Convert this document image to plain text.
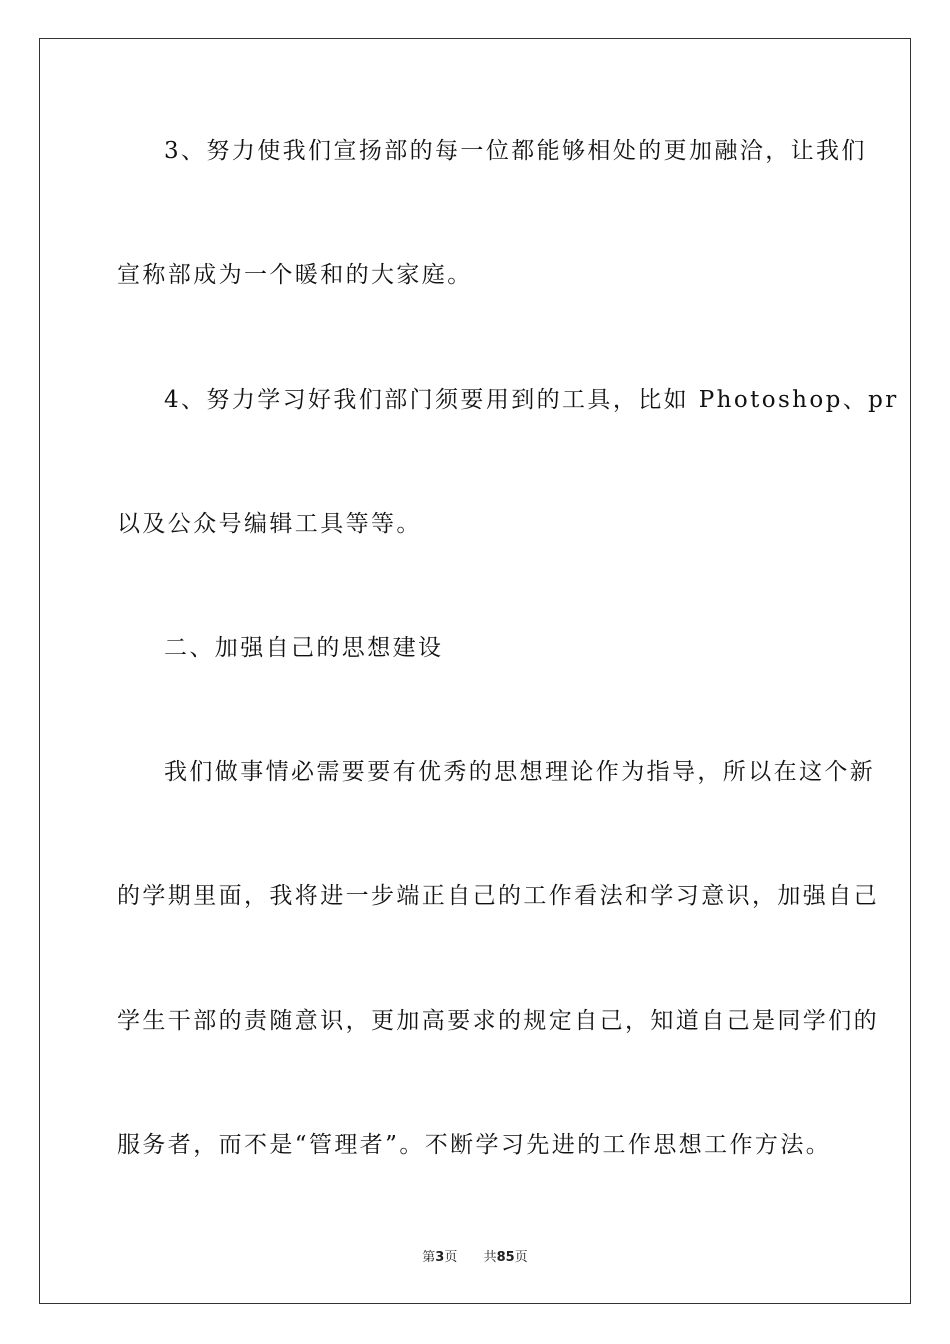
3、努力使我们宣扬部的每一位都能够相处的更加融洽，让我们
宣称部成为一个暖和的大家庭。
4、努力学习好我们部门须要用到的工具，比如 Photoshop、pr
以及公众号编辑工具等等。
二、加强自己的思想建设
我们做事情必需要要有优秀的思想理论作为指导，所以在这个新
的学期里面，我将进一步端正自己的工作看法和学习意识，加强自己
学生干部的责随意识，更加高要求的规定自己，知道自己是同学们的
服务者，而不是“管理者”。不断学习先进的工作思想工作方法。
第3页 共85页
